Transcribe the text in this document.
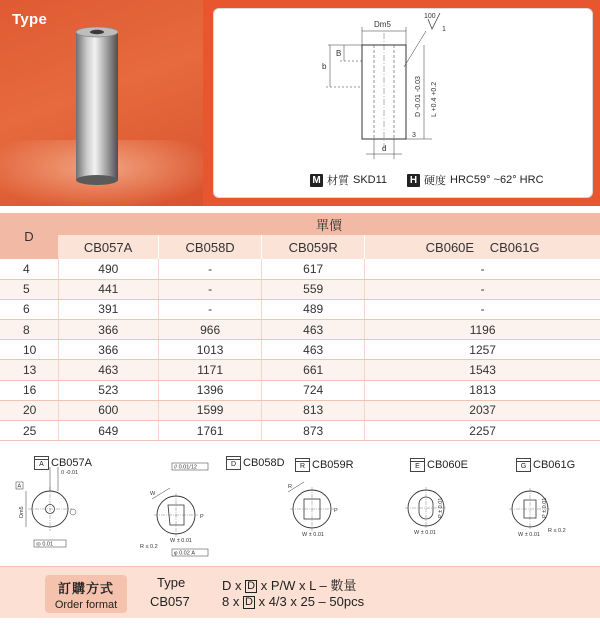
Type	Dm5
B
b
D -0.01 -0.03 L +0.4 +0.2
100
1
3
d
M 材質 SKD11 H 硬度 HRC59° ~62° HRC
D	單價			
	CB057A	CB058D	CB059R	CB060E CB061G
4	490	-	617	-
5	441	-	559	-
6	391	-	489	-
8	366	966	463	1196
10	366	1013	463	1257
13	463	1171	661	1543
16	523	1396	724	1813
20	600	1599	813	2037
25	649	1761	873	2257
A CB057A	D CB058D R CB059R	E CB060E	G CB061G
0 -0.01
A
Dm5
◎ 0.01
// 0.01/12
W
P
R ≤ 0.2
φ 0.02 A
W ± 0.01
R
P
W ± 0.01
P ± 0.01
W ± 0.01
P ± 0.01
W ± 0.01
R ≤ 0.2
訂購方式
Order format
Type
CB057
D x D x P/W x L – 數量
8 x D x 4/3 x 25 – 50pcs
